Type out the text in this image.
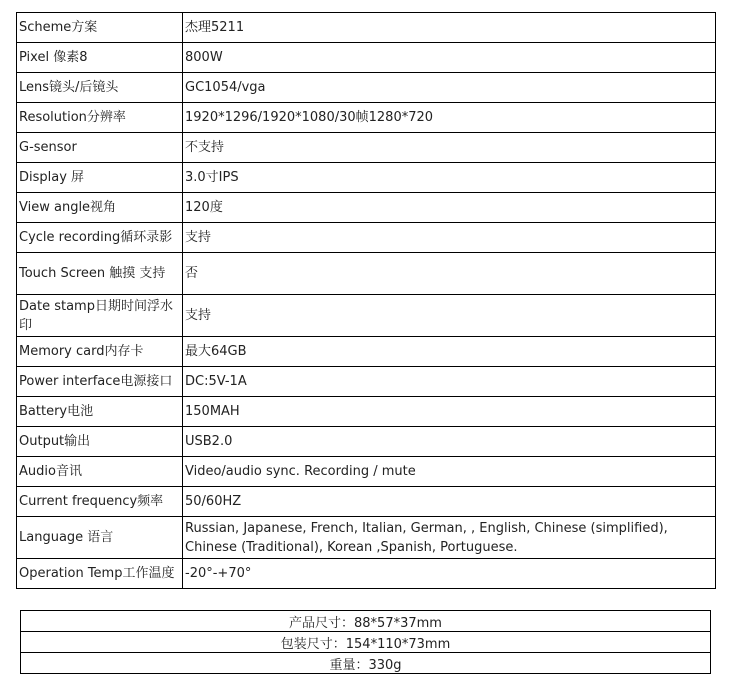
Scheme方案	杰理5211
Pixel 像素8	800W
Lens镜头/后镜头	GC1054/vga
Resolution分辨率	1920*1296/1920*1080/30帧1280*720
G-sensor	不支持
Display 屏	3.0寸IPS
View angle视角	120度
Cycle recording循环录影	支持
Touch Screen 触摸 支持	否
Date stamp日期时间浮水印	支持
Memory card内存卡	最大64GB
Power interface电源接口	DC:5V-1A
Battery电池	150MAH
Output输出	USB2.0
Audio音讯	Video/audio sync. Recording / mute
Current frequency频率	50/60HZ
Language 语言	Russian, Japanese, French, Italian, German, , English, Chinese (simplified), Chinese (Traditional), Korean ,Spanish, Portuguese.
Operation Temp工作温度	-20°-+70°
产品尺寸：88*57*37mm
包装尺寸：154*110*73mm
重量：330g
